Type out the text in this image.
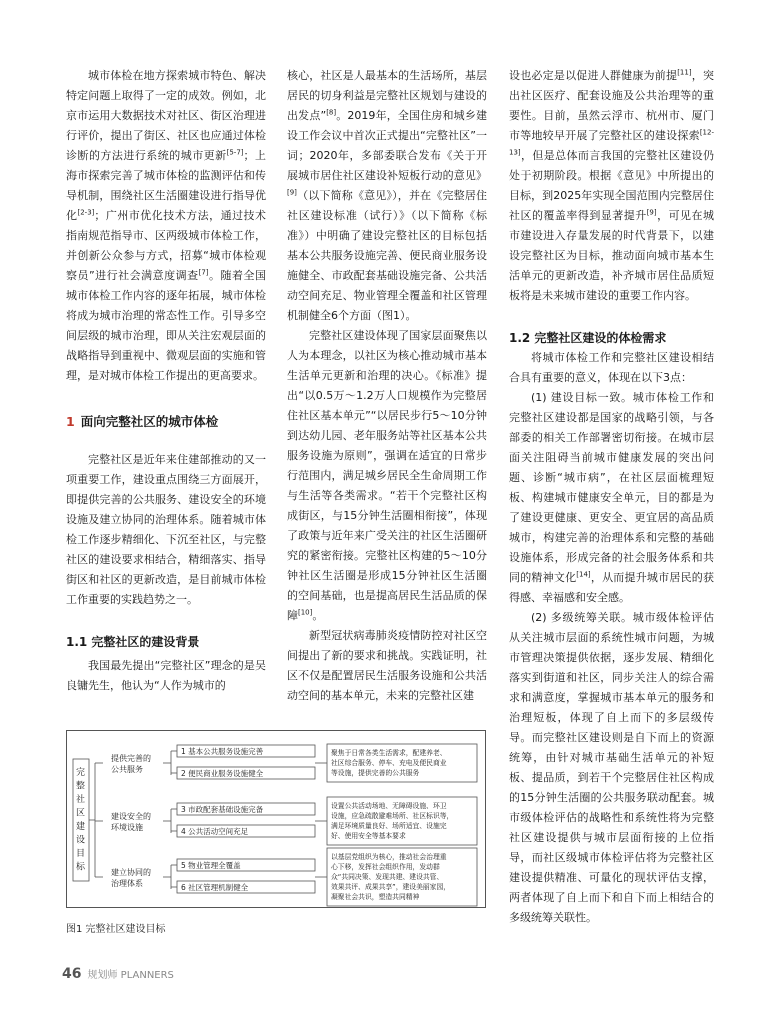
城市体检在地方探索城市特色、解决特定问题上取得了一定的成效。例如，北京市运用大数据技术对社区、街区治理进行评价，提出了街区、社区也应通过体检诊断的方法进行系统的城市更新[5-7]；上海市探索完善了城市体检的监测评估和传导机制，围绕社区生活圈建设进行指导优化[2-3]；广州市优化技术方法，通过技术指南规范指导市、区两级城市体检工作，并创新公众参与方式，招募“城市体检观察员”进行社会满意度调查[7]。随着全国城市体检工作内容的逐年拓展，城市体检将成为城市治理的常态性工作。引导多空间层级的城市治理，即从关注宏观层面的战略指导到重视中、微观层面的实施和管理，是对城市体检工作提出的更高要求。

1 面向完整社区的城市体检

完整社区是近年来住建部推动的又一项重要工作，建设重点围绕三方面展开，即提供完善的公共服务、建设安全的环境设施及建立协同的治理体系。随着城市体检工作逐步精细化、下沉至社区，与完整社区的建设要求相结合，精细落实、指导街区和社区的更新改造，是目前城市体检工作重要的实践趋势之一。

1.1 完整社区的建设背景

我国最先提出“完整社区”理念的是吴良镛先生，他认为“人作为城市的

核心，社区是人最基本的生活场所，基层居民的切身利益是完整社区规划与建设的出发点”[8]。2019年，全国住房和城乡建设工作会议中首次正式提出“完整社区”一词；2020年，多部委联合发布《关于开展城市居住社区建设补短板行动的意见》[9]（以下简称《意见》），并在《完整居住社区建设标准（试行）》（以下简称《标准》）中明确了建设完整社区的目标包括基本公共服务设施完善、便民商业服务设施健全、市政配套基础设施完备、公共活动空间充足、物业管理全覆盖和社区管理机制健全6个方面（图1）。

完整社区建设体现了国家层面聚焦以人为本理念，以社区为核心推动城市基本生活单元更新和治理的决心。《标准》提出“以0.5万～1.2万人口规模作为完整居住社区基本单元”“以居民步行5～10分钟到达幼儿园、老年服务站等社区基本公共服务设施为原则”，强调在适宜的日常步行范围内，满足城乡居民全生命周期工作与生活等各类需求。“若干个完整社区构成街区，与15分钟生活圈相衔接”，体现了政策与近年来广受关注的社区生活圈研究的紧密衔接。完整社区构建的5～10分钟社区生活圈是形成15分钟社区生活圈的空间基础，也是提高居民生活品质的保障[10]。

新型冠状病毒肺炎疫情防控对社区空间提出了新的要求和挑战。实践证明，社区不仅是配置居民生活服务设施和公共活动空间的基本单元，未来的完整社区建

设也必定是以促进人群健康为前提[11]，突出社区医疗、配套设施及公共治理等的重要性。目前，虽然云浮市、杭州市、厦门市等地较早开展了完整社区的建设探索[12-13]，但是总体而言我国的完整社区建设仍处于初期阶段。根据《意见》中所提出的目标，到2025年实现全国范围内完整居住社区的覆盖率得到显著提升[9]，可见在城市建设进入存量发展的时代背景下，以建设完整社区为目标，推动面向城市基本生活单元的更新改造，补齐城市居住品质短板将是未来城市建设的重要工作内容。

1.2 完整社区建设的体检需求

将城市体检工作和完整社区建设相结合具有重要的意义，体现在以下3点：

(1) 建设目标一致。城市体检工作和完整社区建设都是国家的战略引领，与各部委的相关工作部署密切衔接。在城市层面关注阻碍当前城市健康发展的突出问题、诊断“城市病”，在社区层面梳理短板、构建城市健康安全单元，目的都是为了建设更健康、更安全、更宜居的高品质城市，构建完善的治理体系和完整的基础设施体系，形成完备的社会服务体系和共同的精神文化[14]，从而提升城市居民的获得感、幸福感和安全感。

(2) 多级统筹关联。城市级体检评估从关注城市层面的系统性城市问题，为城市管理决策提供依据，逐步发展、精细化落实到街道和社区，同步关注人的综合需求和满意度，掌握城市基本单元的服务和治理短板，体现了自上而下的多层级传导。而完整社区建设则是自下而上的资源统筹，由针对城市基础生活单元的补短板、提品质，到若干个完整居住社区构成的15分钟生活圈的公共服务联动配套。城市级体检评估的战略性和系统性将为完整社区建设提供与城市层面衔接的上位指导，而社区级城市体检评估将为完整社区建设提供精准、可量化的现状评估支撑，两者体现了自上而下和自下而上相结合的多级统筹关联性。

完
整
社
区
建
设
目
标
提供完善的
公共服务
1 基本公共服务设施完善
2 便民商业服务设施健全
聚焦于日常各类生活需求，配建养老、
社区综合服务、停车、充电及便民商业
等设施，提供完善的公共服务
建设安全的
环境设施
3 市政配套基础设施完备
4 公共活动空间充足
设置公共活动场地、无障碍设施、环卫
设施，应急疏散避难场所、社区标识等，
满足环境质量良好、场所适宜、设施完
好、使用安全等基本要求
建立协同的
治理体系
5 物业管理全覆盖
6 社区管理机制健全
以基层党组织为核心，推动社会治理重
心下移，发挥社会组织作用，发动群
众“共同决策、发现共建、建设共管、
效果共评、成果共享”，建设美丽家园，
凝聚社会共识，塑造共同精神
图1 完整社区建设目标
46 规划师 PLANNERS
